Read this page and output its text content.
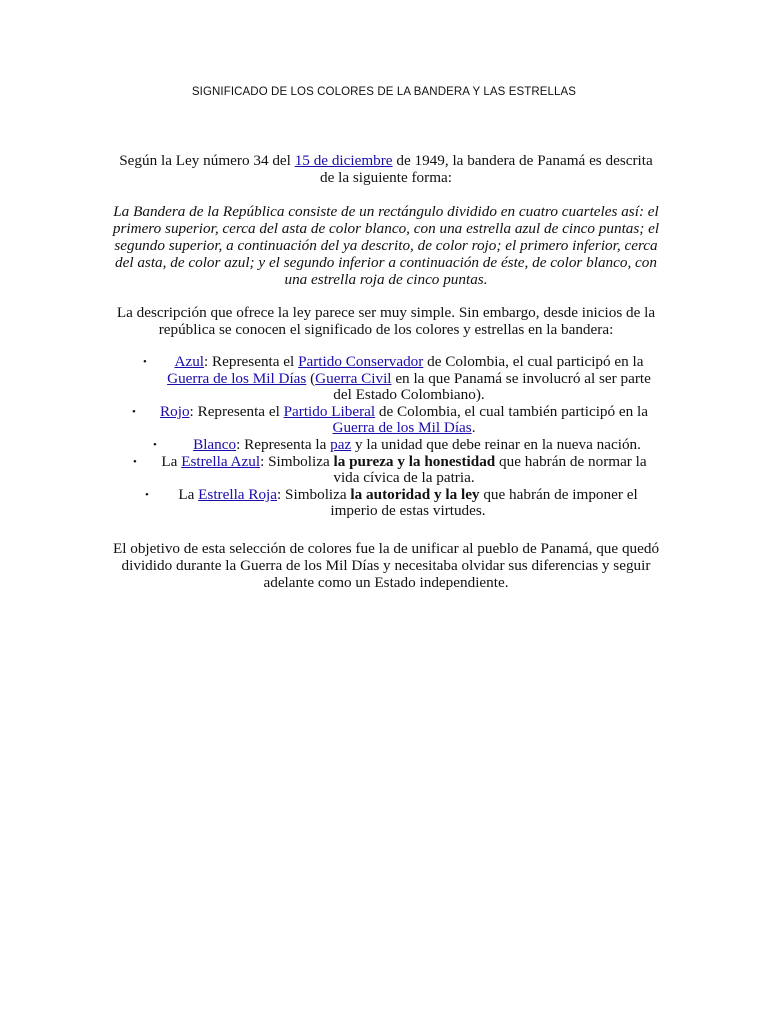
SIGNIFICADO DE LOS COLORES DE LA BANDERA Y LAS ESTRELLAS
Según la Ley número 34 del 15 de diciembre de 1949, la bandera de Panamá es descrita de la siguiente forma:
La Bandera de la República consiste de un rectángulo dividido en cuatro cuarteles así: el primero superior, cerca del asta de color blanco, con una estrella azul de cinco puntas; el segundo superior, a continuación del ya descrito, de color rojo; el primero inferior, cerca del asta, de color azul; y el segundo inferior a continuación de éste, de color blanco, con una estrella roja de cinco puntas.
La descripción que ofrece la ley parece ser muy simple. Sin embargo, desde inicios de la república se conocen el significado de los colores y estrellas en la bandera:
• Azul: Representa el Partido Conservador de Colombia, el cual participó en la Guerra de los Mil Días (Guerra Civil en la que Panamá se involucró al ser parte del Estado Colombiano).
• Rojo: Representa el Partido Liberal de Colombia, el cual también participó en la Guerra de los Mil Días.
• Blanco: Representa la paz y la unidad que debe reinar en la nueva nación.
• La Estrella Azul: Simboliza la pureza y la honestidad que habrán de normar la vida cívica de la patria.
• La Estrella Roja: Simboliza la autoridad y la ley que habrán de imponer el imperio de estas virtudes.
El objetivo de esta selección de colores fue la de unificar al pueblo de Panamá, que quedó dividido durante la Guerra de los Mil Días y necesitaba olvidar sus diferencias y seguir adelante como un Estado independiente.
